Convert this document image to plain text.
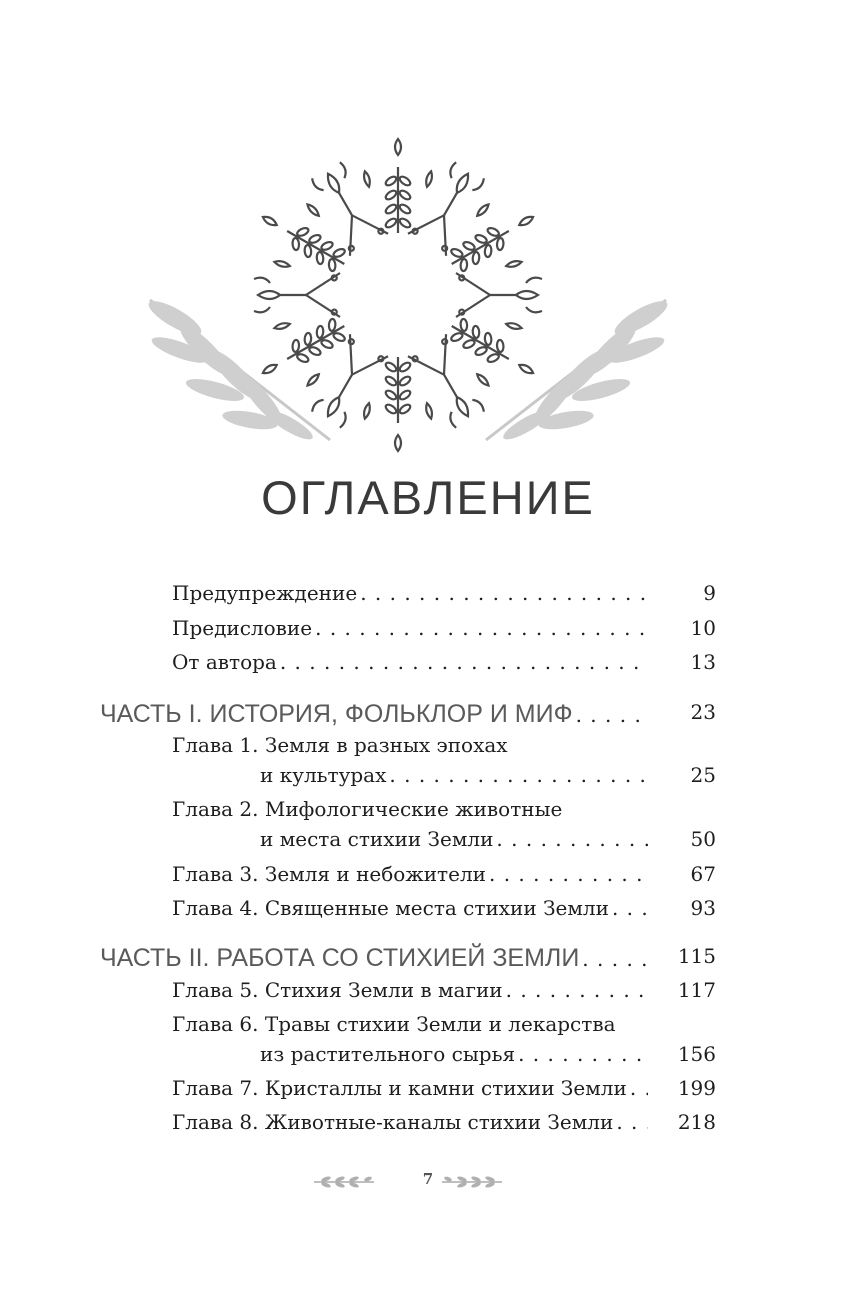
ОГЛАВЛЕНИЕ
Предупреждение . . .	9
Предисловие . . .	10
От автора . . .	13
ЧАСТЬ I. ИСТОРИЯ, ФОЛЬКЛОР И МИФ . . .	23
Глава 1. Земля в разных эпохах
и культурах . . .	25
Глава 2. Мифологические животные
и места стихии Земли . . .	50
Глава 3. Земля и небожители . . .	67
Глава 4. Священные места стихии Земли . . .	93
ЧАСТЬ II. РАБОТА СО СТИХИЕЙ ЗЕМЛИ . . .	115
Глава 5. Стихия Земли в магии . . .	117
Глава 6. Травы стихии Земли и лекарства
из растительного сырья . . .	156
Глава 7. Кристаллы и камни стихии Земли . . .	199
Глава 8. Животные-каналы стихии Земли . . .	218
7
